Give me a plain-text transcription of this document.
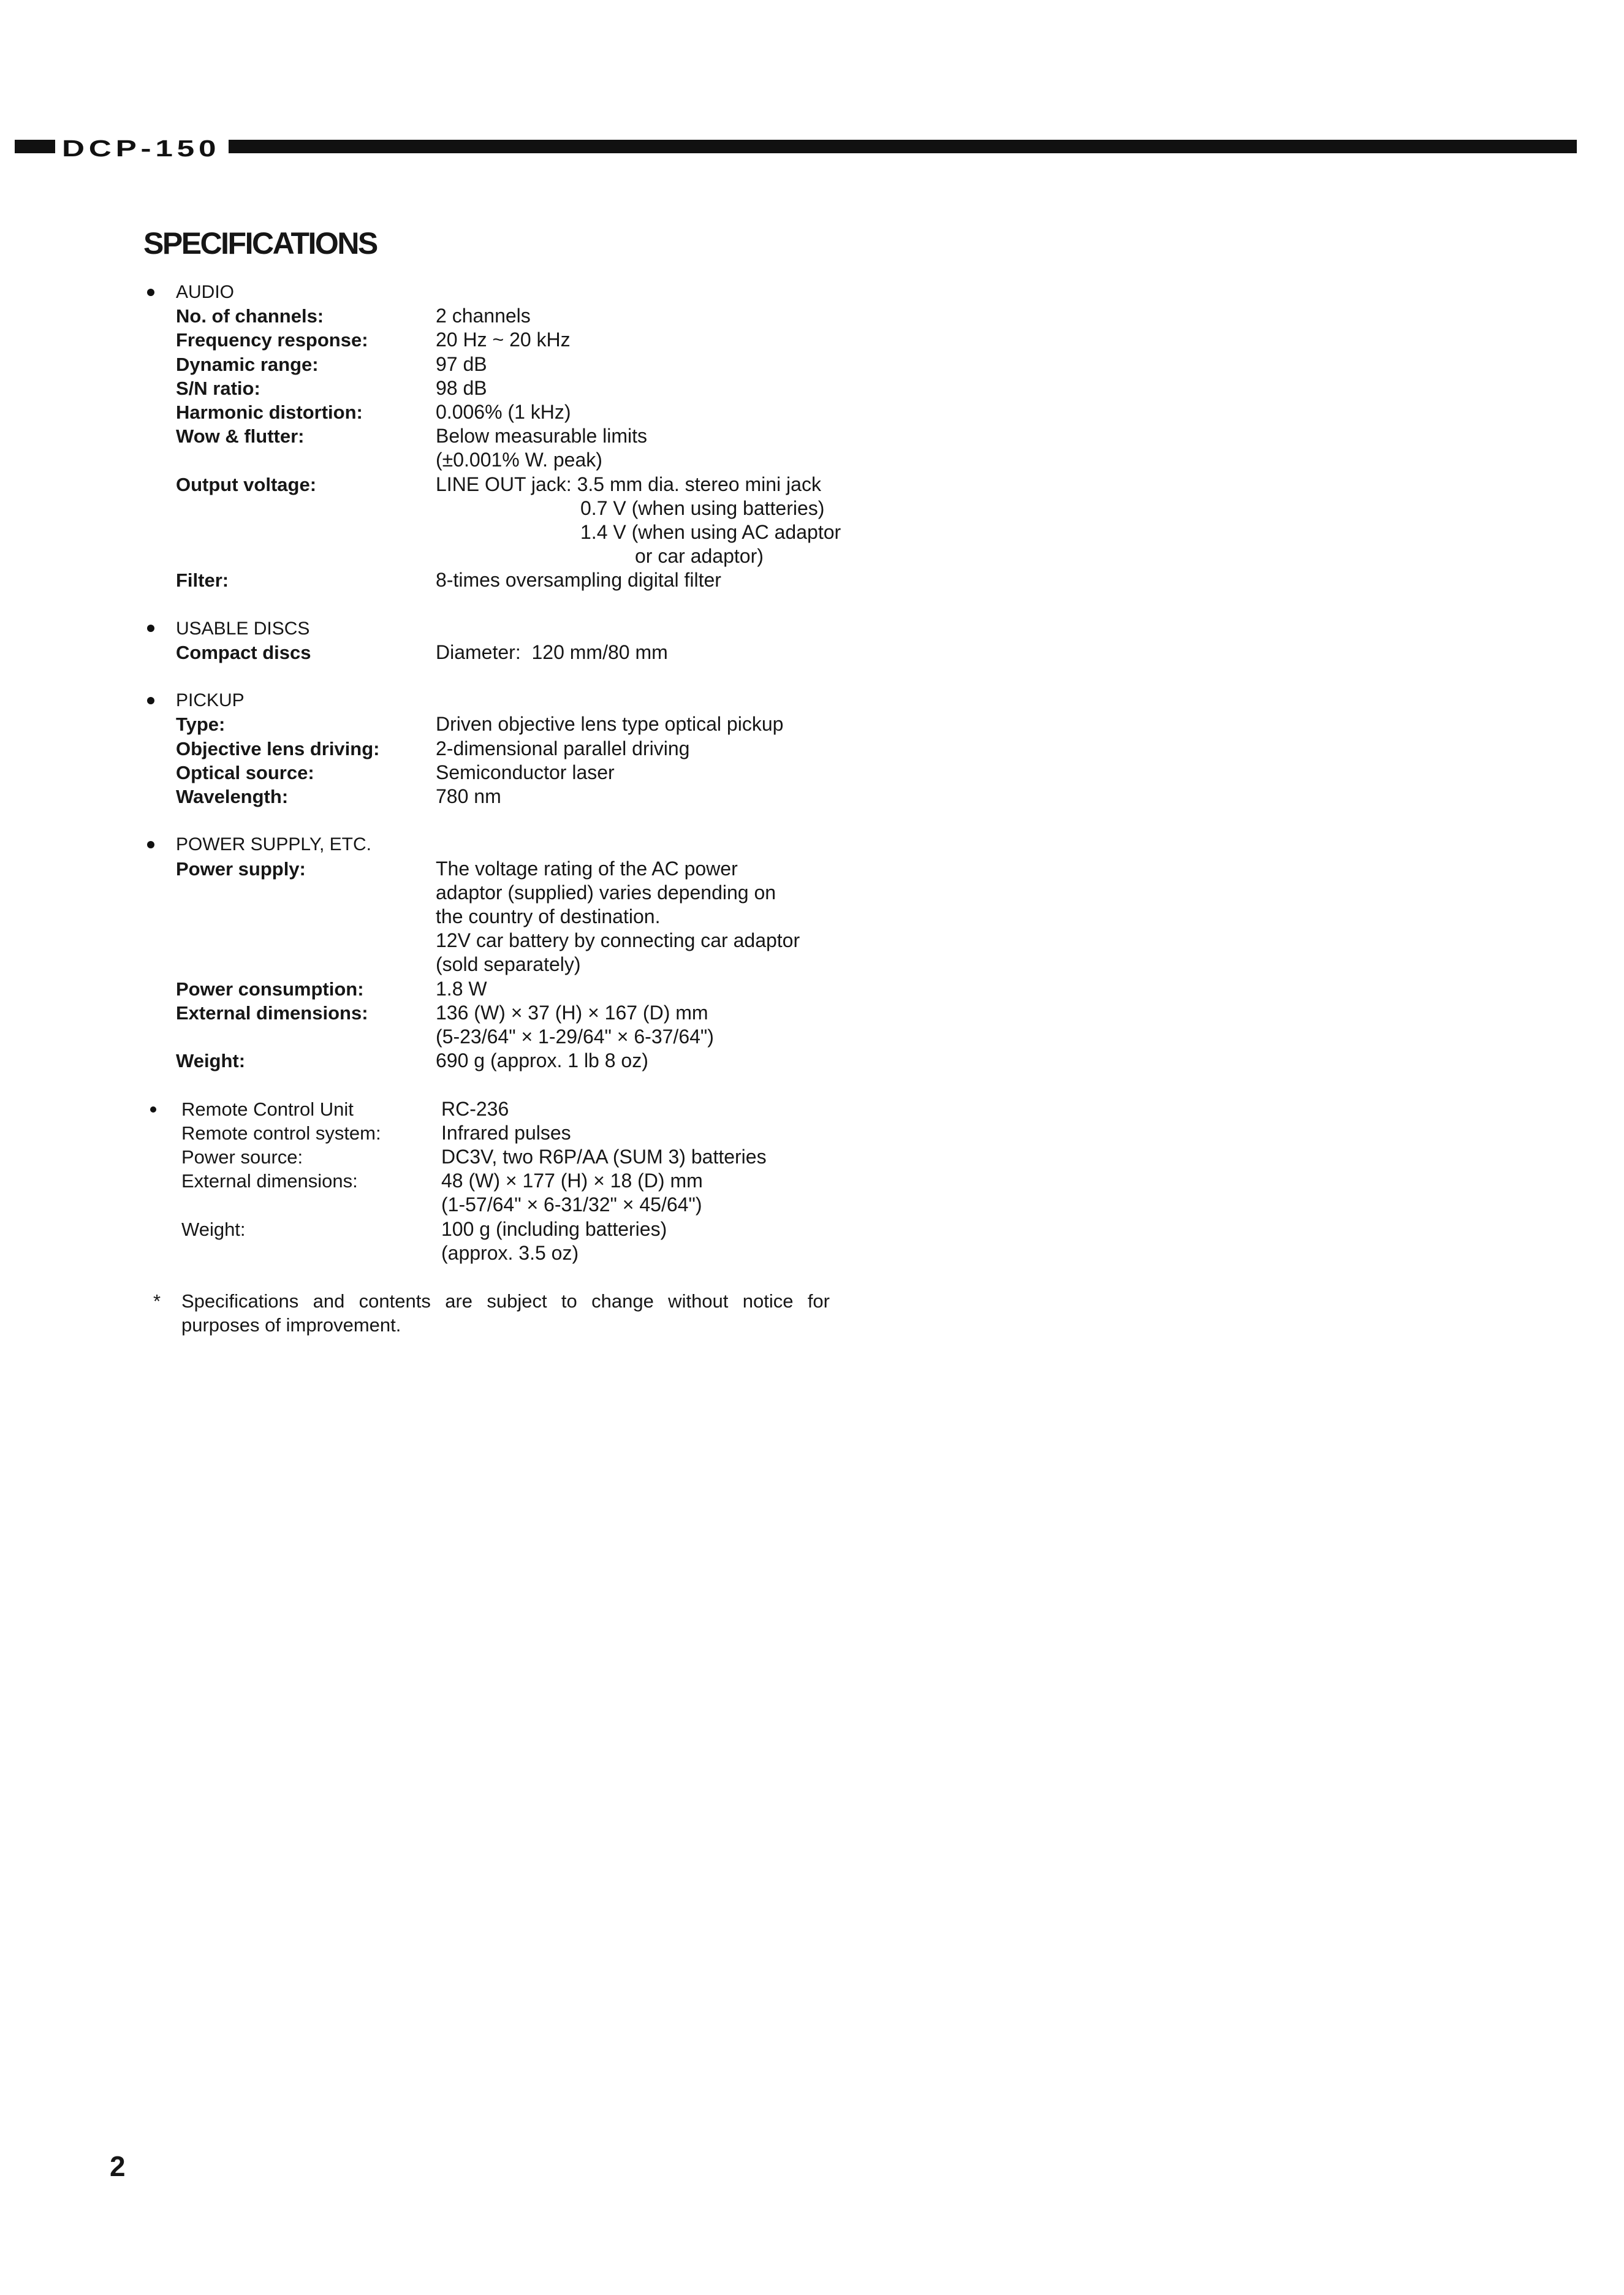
DCP-150
SPECIFICATIONS
AUDIO
No. of channels:	2 channels
Frequency response:	20 Hz ~ 20 kHz
Dynamic range:	97 dB
S/N ratio:	98 dB
Harmonic distortion:	0.006% (1 kHz)
Wow & flutter:	Below measurable limits
(±0.001% W. peak)
Output voltage:	LINE OUT jack: 3.5 mm dia. stereo mini jack
0.7 V (when using batteries)
1.4 V (when using AC adaptor
or car adaptor)
Filter:	8-times oversampling digital filter
USABLE DISCS
Compact discs	Diameter:  120 mm/80 mm
PICKUP
Type:	Driven objective lens type optical pickup
Objective lens driving:	2-dimensional parallel driving
Optical source:	Semiconductor laser
Wavelength:	780 nm
POWER SUPPLY, ETC.
Power supply:	The voltage rating of the AC power
adaptor (supplied) varies depending on
the country of destination.
12V car battery by connecting car adaptor
(sold separately)
Power consumption:	1.8 W
External dimensions:	136 (W) × 37 (H) × 167 (D) mm
(5-23/64" × 1-29/64" × 6-37/64")
Weight:	690 g (approx. 1 lb 8 oz)
Remote Control Unit	RC-236
Remote control system:	Infrared pulses
Power source:	DC3V, two R6P/AA (SUM 3) batteries
External dimensions:	48 (W) × 177 (H) × 18 (D) mm
(1-57/64" × 6-31/32" × 45/64")
Weight:	100 g (including batteries)
(approx. 3.5 oz)
* Specifications and contents are subject to change without notice for
purposes of improvement.
2
